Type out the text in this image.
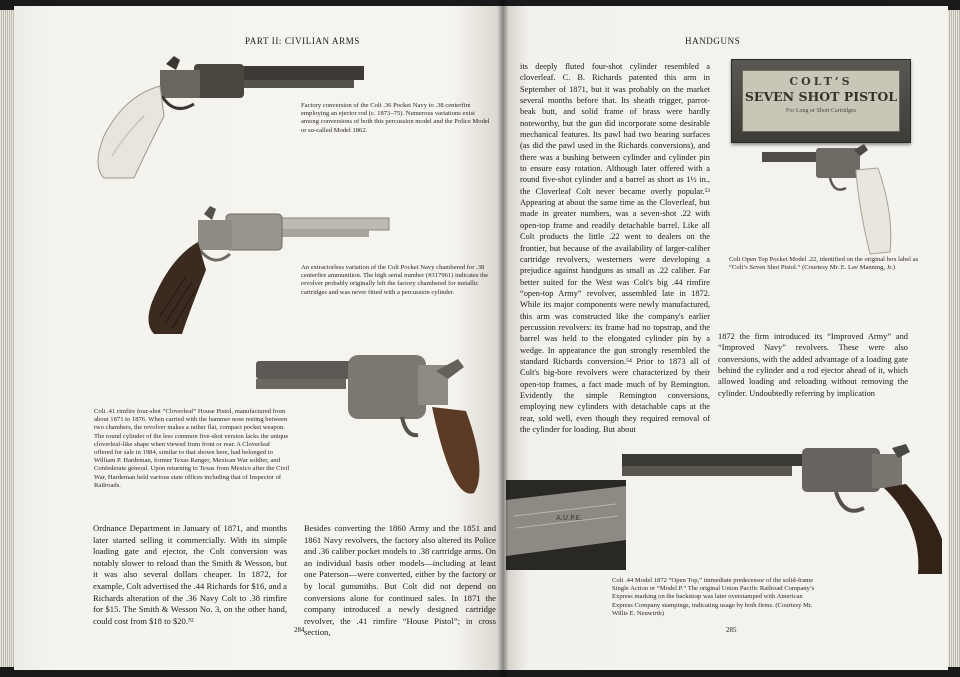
PART II: CIVILIAN ARMS
Factory conversion of the Colt .36 Pocket Navy to .38 centerfire employing an ejector rod (c. 1873–75). Numerous variations exist among conversions of both this percussion model and the Police Model or so-called Model 1862.
An extractorless variation of the Colt Pocket Navy chambered for .38 centerfire ammunition. The high serial number (#317961) indicates the revolver probably originally left the factory chambered for metallic cartridges and was never fitted with a percussion cylinder.
Colt .41 rimfire four-shot “Cloverleaf” House Pistol, manufactured from about 1871 to 1876. When carried with the hammer nose resting between two chambers, the revolver makes a rather flat, compact pocket weapon. The round cylinder of the less common five-shot version lacks the unique cloverleaf-like shape when viewed from front or rear. A Cloverleaf offered for sale in 1984, similar to that shown here, had belonged to William P. Hardeman, former Texas Ranger, Mexican War soldier, and Confederate general. Upon returning to Texas from Mexico after the Civil War, Hardeman held various state offices including that of Inspector of Railroads.
Ordnance Department in January of 1871, and months later started selling it commercially. With its simple loading gate and ejector, the Colt conversion was notably slower to reload than the Smith & Wesson, but it was also several dollars cheaper. In 1872, for example, Colt advertised the .44 Richards for $16, and a Richards alteration of the .36 Navy Colt to .38 rimfire for $15. The Smith & Wesson No. 3, on the other hand, could cost from $18 to $20.⁵²
Besides converting the 1860 Army and the 1851 and 1861 Navy revolvers, the factory also altered its Police and .36 caliber pocket models to .38 cartridge arms. On an individual basis other models—including at least one Paterson—were converted, either by the factory or by local gunsmiths. But Colt did not depend on conversions alone for continued sales. In 1871 the company introduced a newly designed cartridge revolver, the .41 rimfire “House Pistol”; in cross section,
284
HANDGUNS
its deeply fluted four-shot cylinder resembled a cloverleaf. C. B. Richards patented this arm in September of 1871, but it was probably on the market several months before that. Its sheath trigger, parrot-beak butt, and solid frame of brass were hardly noteworthy, but the gun did incorporate some desirable mechanical features. Its pawl had two bearing surfaces (as did the pawl used in the Richards conversions), and there was a bushing between cylinder and cylinder pin to ensure easy rotation. Although later offered with a round five-shot cylinder and a barrel as short as 1½ in., the Cloverleaf Colt never became overly popular.⁵³ Appearing at about the same time as the Cloverleaf, but made in greater numbers, was a seven-shot .22 with open-top frame and readily detachable barrel. Like all Colt products the little .22 went to dealers on the frontier, but because of the availability of larger-caliber cartridge revolvers, westerners were developing a prejudice against handguns as small as .22 caliber. Far better suited for the West was Colt's big .44 rimfire “open-top Army” revolver, assembled late in 1872. While its major components were newly manufactured, this arm was constructed like the company's earlier percussion revolvers: its frame had no topstrap, and the barrel was held to the elongated cylinder pin by a wedge. In appearance the gun strongly resembled the standard Richards conversion.⁵⁴ Prior to 1873 all of Colt's big-bore revolvers were characterized by their open-top frames, a fact made much of by Remington. Evidently the simple Remington conversions, employing new cylinders with detachable caps at the rear, sold well, even though they required removal of the cylinder for loading. But about
COLT’S
SEVEN SHOT PISTOL
For Long or Short Cartridges
Colt Open Top Pocket Model .22, identified on the original box label as “Colt’s Seven Shot Pistol.” (Courtesy Mr. E. Lee Manning, Jr.)
1872 the firm introduced its “Improved Army” and “Improved Navy” revolvers. These were also conversions, with the added advantage of a loading gate behind the cylinder and a rod ejector ahead of it, which allowed loading and reloading without removing the cylinder. Undoubtedly referring by implication
A.U.P.E.
Colt .44 Model 1872 “Open Top,” immediate predecessor of the solid-frame Single Action or “Model P.” The original Union Pacific Railroad Company’s Express marking on the backstrap was later overstamped with American Express Company stampings, indicating usage by both firms. (Courtesy Mr. Willis E. Neuwirth)
285
